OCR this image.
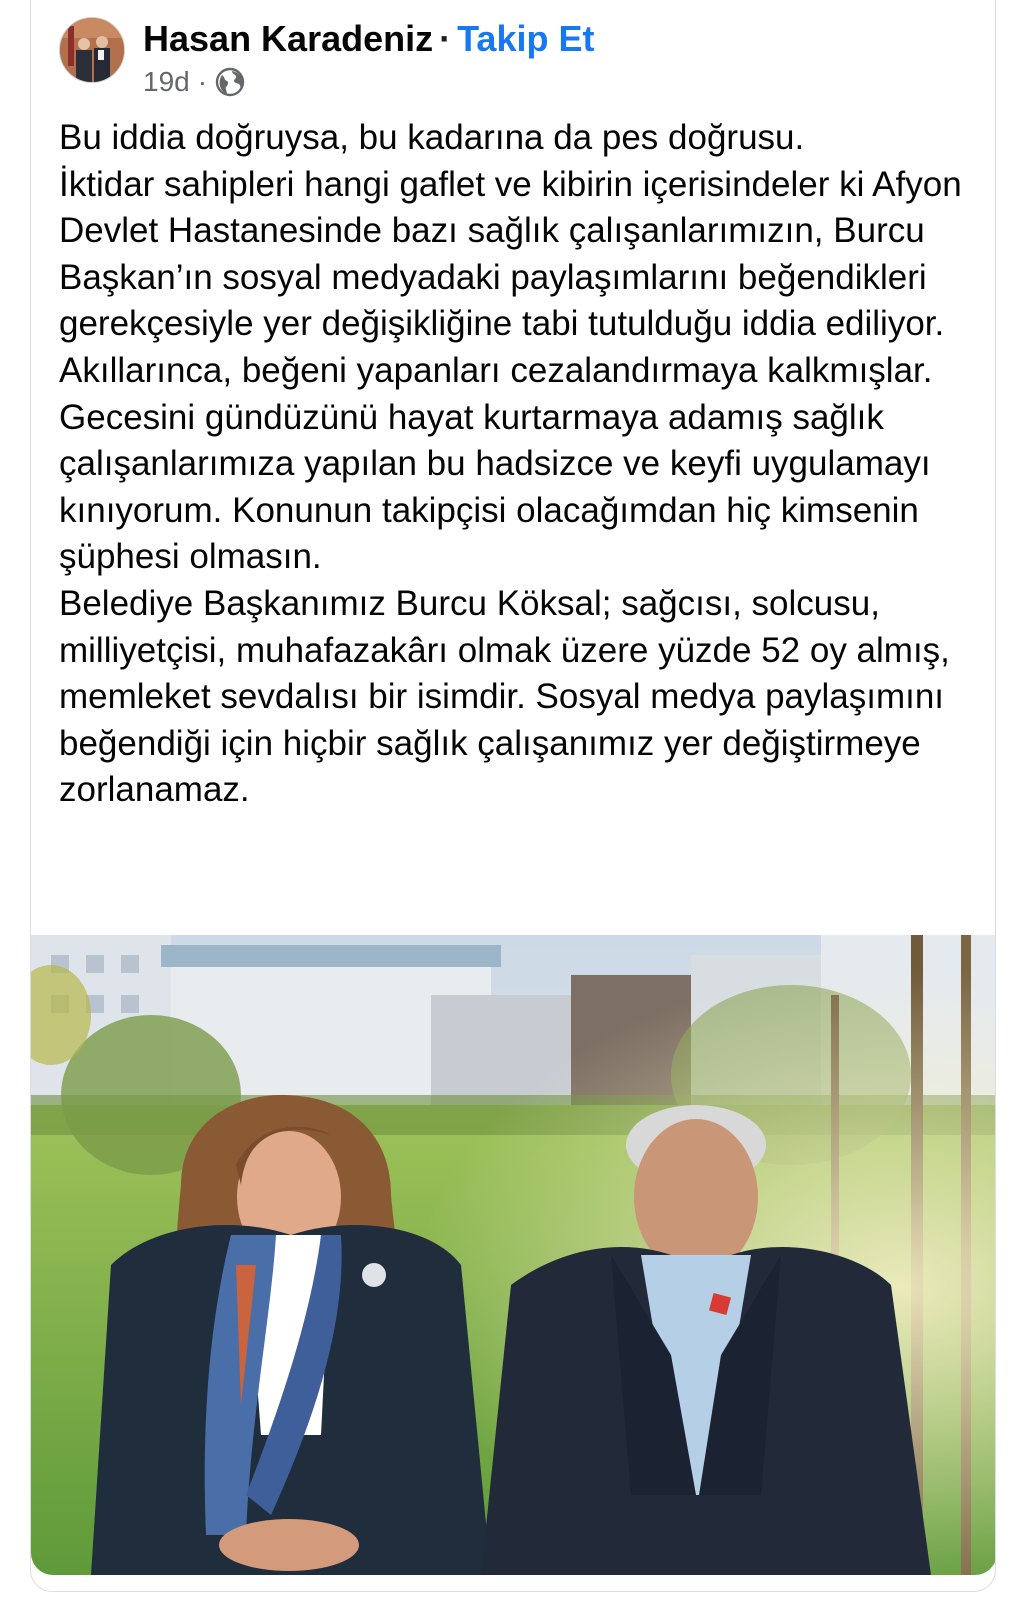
Hasan Karadeniz · Takip Et
19d ·
Bu iddia doğruysa, bu kadarına da pes doğrusu.
İktidar sahipleri hangi gaflet ve kibirin içerisindeler ki Afyon Devlet Hastanesinde bazı sağlık çalışanlarımızın, Burcu Başkan’ın sosyal medyadaki paylaşımlarını beğendikleri gerekçesiyle yer değişikliğine tabi tutulduğu iddia ediliyor. Akıllarınca, beğeni yapanları cezalandırmaya kalkmışlar. Gecesini gündüzünü hayat kurtarmaya adamış sağlık çalışanlarımıza yapılan bu hadsizce ve keyfi uygulamayı kınıyorum. Konunun takipçisi olacağımdan hiç kimsenin şüphesi olmasın.
Belediye Başkanımız Burcu Köksal; sağcısı, solcusu, milliyetçisi, muhafazakârı olmak üzere yüzde 52 oy almış, memleket sevdalısı bir isimdir. Sosyal medya paylaşımını beğendiği için hiçbir sağlık çalışanımız yer değiştirmeye zorlanamaz.
